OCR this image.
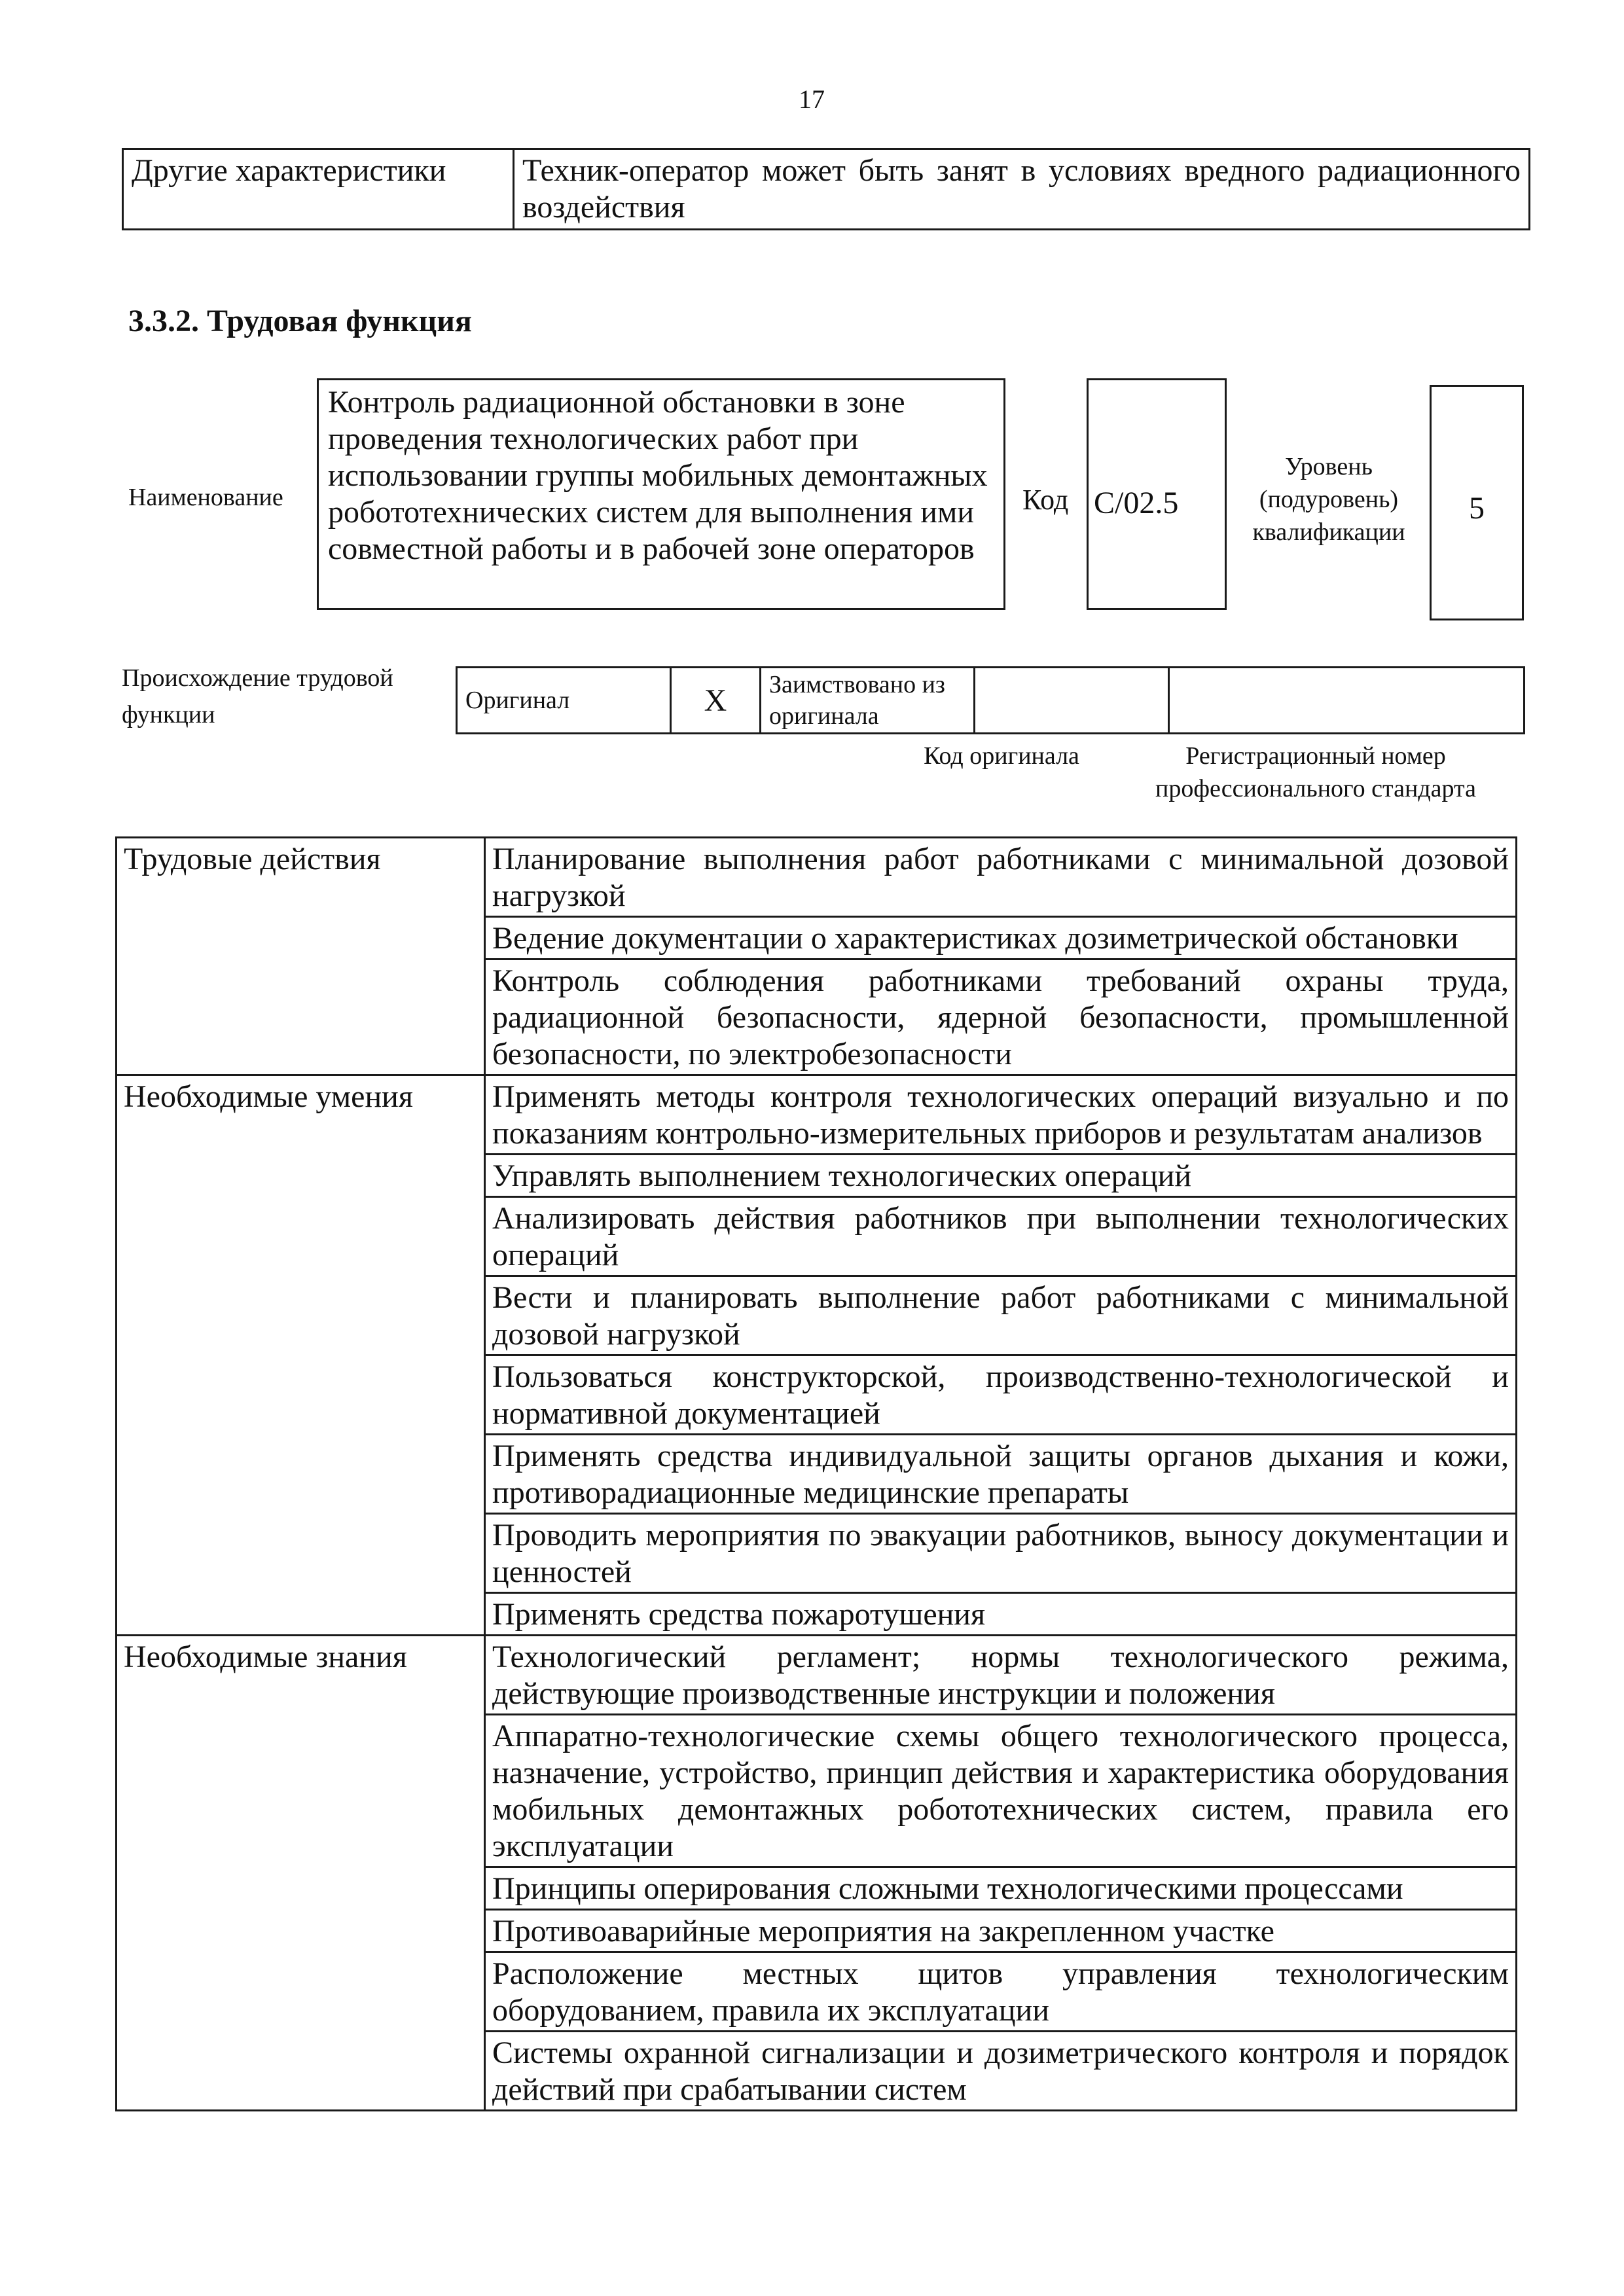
17
Другие характеристики	Техник-оператор может быть занят в условиях вредного радиационного воздействия
3.3.2. Трудовая функция
Наименование
Контроль радиационной обстановки в зоне проведения технологических работ при использовании группы мобильных демонтажных робототехнических систем для выполнения ими совместной работы и в рабочей зоне операторов
Код C/02.5
Уровень (подуровень) квалификации
5
Происхождение трудовой функции
Оригинал	X	Заимствовано из оригинала		
Код оригинала	Регистрационный номер профессионального стандарта
Трудовые действия	Планирование выполнения работ работниками с минимальной дозовой нагрузкой
	Ведение документации о характеристиках дозиметрической обстановки
	Контроль соблюдения работниками требований охраны труда, радиационной безопасности, ядерной безопасности, промышленной безопасности, по электробезопасности
Необходимые умения	Применять методы контроля технологических операций визуально и по показаниям контрольно-измерительных приборов и результатам анализов
	Управлять выполнением технологических операций
	Анализировать действия работников при выполнении технологических операций
	Вести и планировать выполнение работ работниками с минимальной дозовой нагрузкой
	Пользоваться конструкторской, производственно-технологической и нормативной документацией
	Применять средства индивидуальной защиты органов дыхания и кожи, противорадиационные медицинские препараты
	Проводить мероприятия по эвакуации работников, выносу документации и ценностей
	Применять средства пожаротушения
Необходимые знания	Технологический регламент; нормы технологического режима, действующие производственные инструкции и положения
	Аппаратно-технологические схемы общего технологического процесса, назначение, устройство, принцип действия и характеристика оборудования мобильных демонтажных робототехнических систем, правила его эксплуатации
	Принципы оперирования сложными технологическими процессами
	Противоаварийные мероприятия на закрепленном участке
	Расположение местных щитов управления технологическим оборудованием, правила их эксплуатации
	Системы охранной сигнализации и дозиметрического контроля и порядок действий при срабатывании систем
